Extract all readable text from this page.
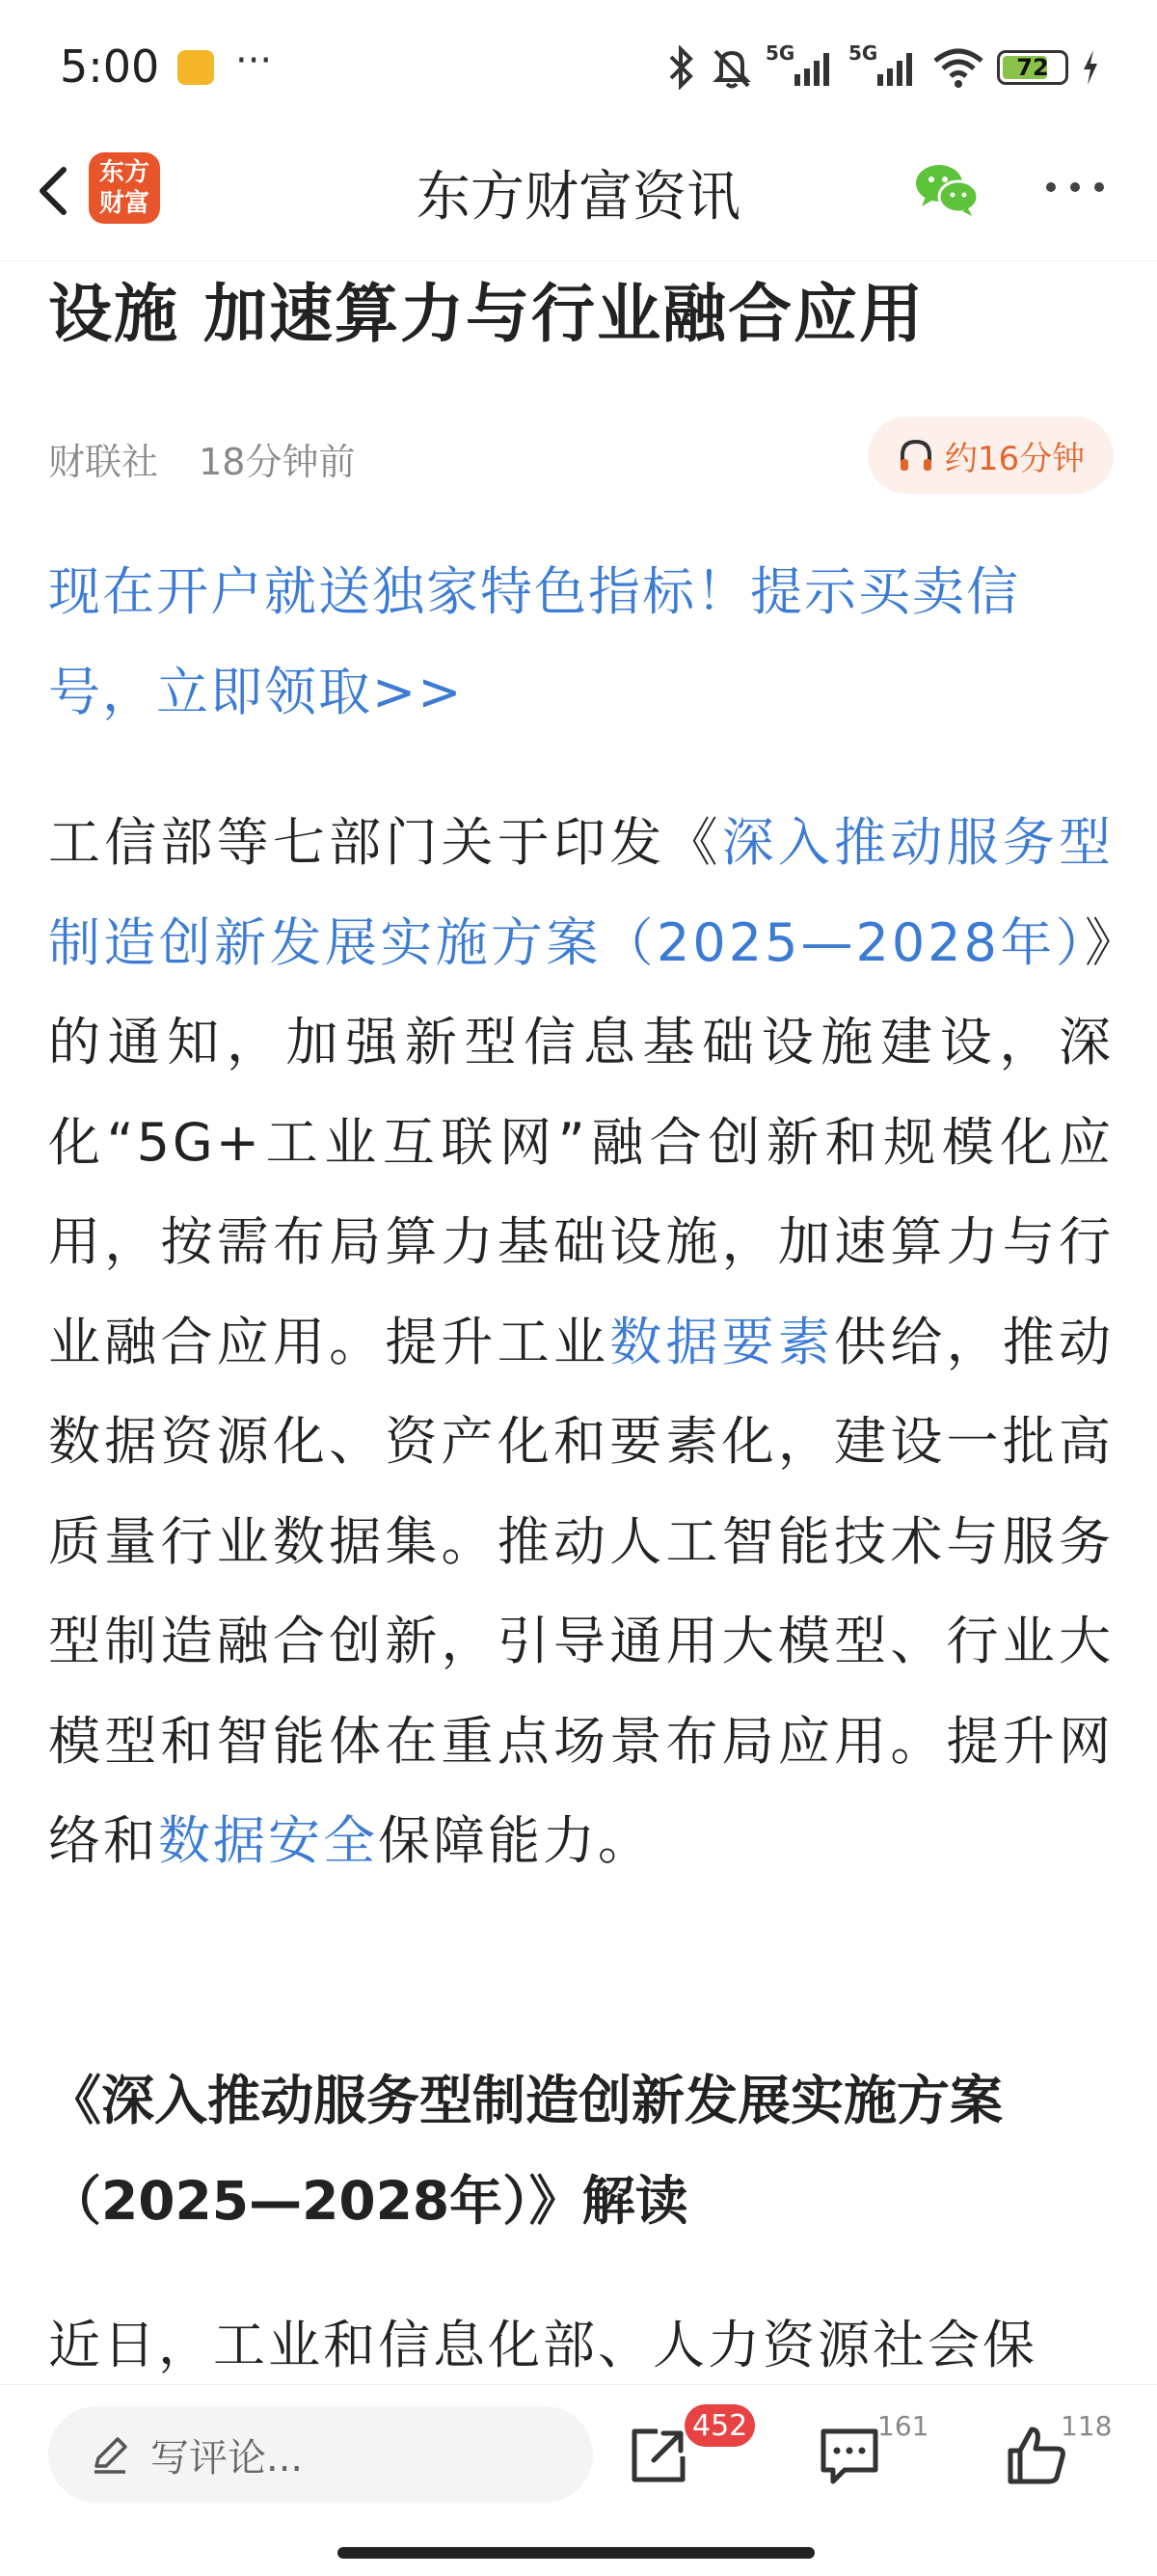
5:00 ···	5G	5G
72
东方
财富	东方财富资讯
设施 加速算力与行业融合应用
财联社 18分钟前	约16分钟
现在开户就送独家特色指标！提示买卖信号，立即领取>>
工信部等七部门关于印发《深入推动服务型制造创新发展实施方案（2025—2028年）》的通知，加强新型信息基础设施建设，深化“5G+工业互联网”融合创新和规模化应用，按需布局算力基础设施，加速算力与行业融合应用。提升工业数据要素供给，推动数据资源化、资产化和要素化，建设一批高质量行业数据集。推动人工智能技术与服务型制造融合创新，引导通用大模型、行业大模型和智能体在重点场景布局应用。提升网络和数据安全保障能力。
《深入推动服务型制造创新发展实施方案（2025—2028年）》解读
近日，工业和信息化部、人力资源社会保
写评论...
452	161	118
